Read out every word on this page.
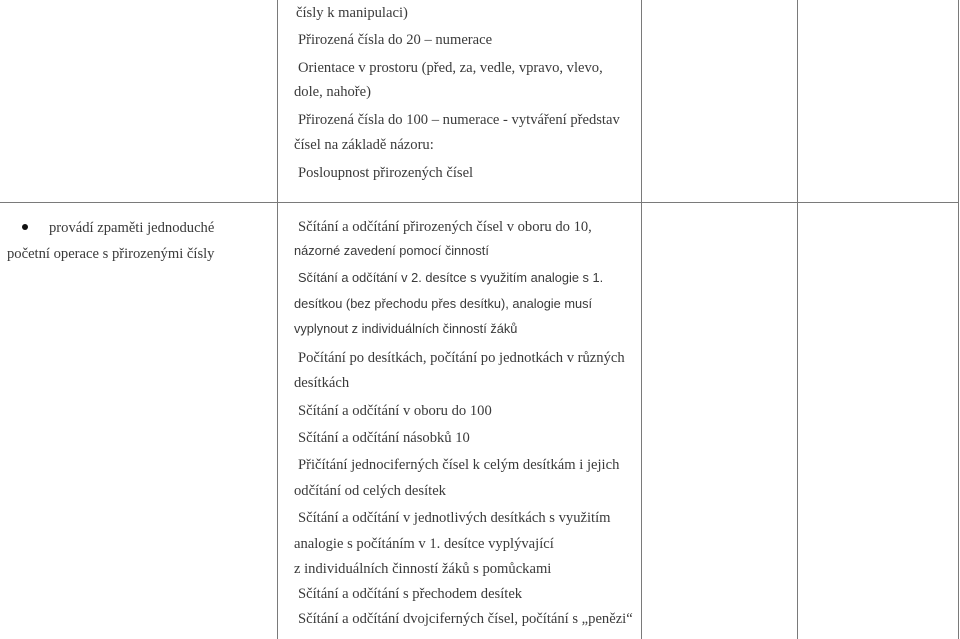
čísly k manipulaci)
Přirozená čísla do 20 – numerace
Orientace v prostoru (před, za, vedle, vpravo, vlevo,
dole, nahoře)
Přirozená čísla do 100 – numerace - vytváření představ
čísel na základě názoru:
Posloupnost přirozených čísel
provádí zpaměti jednoduché
početní operace s přirozenými čísly
Sčítání a odčítání přirozených čísel v oboru do 10,
názorné zavedení pomocí činností
Sčítání a odčítání v 2. desítce s využitím analogie s 1.
desítkou (bez přechodu přes desítku), analogie musí
vyplynout z individuálních činností žáků
Počítání po desítkách, počítání po jednotkách v různých
desítkách
Sčítání a odčítání v oboru do 100
Sčítání a odčítání násobků 10
Přičítání jednociferných čísel k celým desítkám i jejich
odčítání od celých desítek
Sčítání a odčítání v jednotlivých desítkách s využitím
analogie s počítáním v 1. desítce vyplývající
z individuálních činností žáků s pomůckami
Sčítání a odčítání s přechodem desítek
Sčítání a odčítání dvojciferných čísel, počítání s „penězi“
